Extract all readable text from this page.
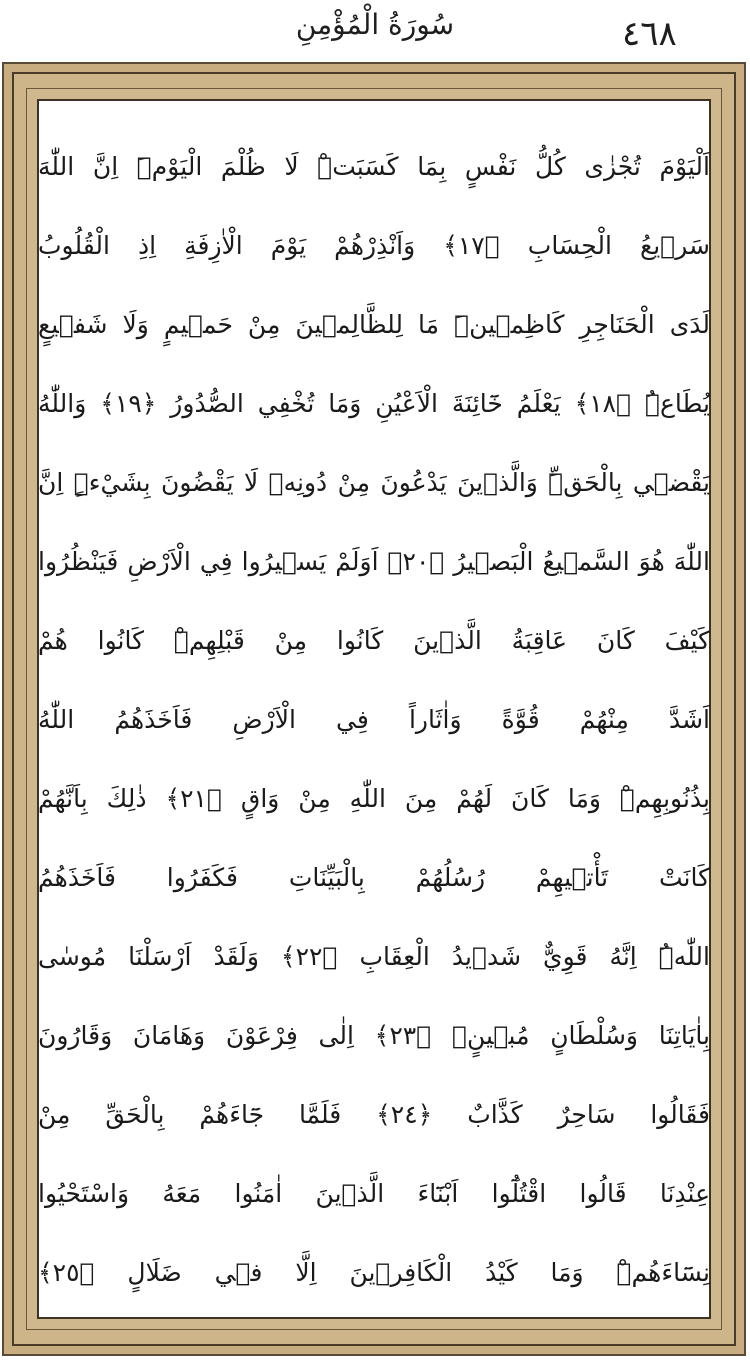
سُورَةُ الْمُؤْمِنِ	٤٦٨
اَلْيَوْمَ تُجْزٰى كُلُّ نَفْسٍ بِمَا كَسَبَتْۜ لَا ظُلْمَ الْيَوْمَۜ اِنَّ اللّٰهَ
سَر۪يعُ الْحِسَابِ ﴿١٧﴾ وَاَنْذِرْهُمْ يَوْمَ الْاٰزِفَةِ اِذِ الْقُلُوبُ
لَدَى الْحَنَاجِرِ كَاظِم۪ينَۜ مَا لِلظَّالِم۪ينَ مِنْ حَم۪يمٍ وَلَا شَف۪يعٍ
يُطَاعُۜ ﴿١٨﴾ يَعْلَمُ خَٓائِنَةَ الْاَعْيُنِ وَمَا تُخْفِي الصُّدُورُ ﴿١٩﴾ وَاللّٰهُ
يَقْض۪ي بِالْحَقِّۜ وَالَّذ۪ينَ يَدْعُونَ مِنْ دُونِه۪ لَا يَقْضُونَ بِشَيْءٍۜ اِنَّ
اللّٰهَ هُوَ السَّم۪يعُ الْبَص۪يرُ ﴿٢٠﴾ اَوَلَمْ يَس۪يرُوا فِي الْاَرْضِ فَيَنْظُرُوا
كَيْفَ كَانَ عَاقِبَةُ الَّذ۪ينَ كَانُوا مِنْ قَبْلِهِمْۜ كَانُوا هُمْ
اَشَدَّ مِنْهُمْ قُوَّةً وَاٰثَاراً فِي الْاَرْضِ فَاَخَذَهُمُ اللّٰهُ
بِذُنُوبِهِمْۜ وَمَا كَانَ لَهُمْ مِنَ اللّٰهِ مِنْ وَاقٍ ﴿٢١﴾ ذٰلِكَ بِاَنَّهُمْ
كَانَتْ تَأْت۪يهِمْ رُسُلُهُمْ بِالْبَيِّنَاتِ فَكَفَرُوا فَاَخَذَهُمُ
اللّٰهُۜ اِنَّهُ قَوِيٌّ شَد۪يدُ الْعِقَابِ ﴿٢٢﴾ وَلَقَدْ اَرْسَلْنَا مُوسٰى
بِاٰيَاتِنَا وَسُلْطَانٍ مُب۪ينٍۙ ﴿٢٣﴾ اِلٰى فِرْعَوْنَ وَهَامَانَ وَقَارُونَ
فَقَالُوا سَاحِرٌ كَذَّابٌ ﴿٢٤﴾ فَلَمَّا جَٓاءَهُمْ بِالْحَقِّ مِنْ
عِنْدِنَا قَالُوا اقْتُلُٓوا اَبْنَٓاءَ الَّذ۪ينَ اٰمَنُوا مَعَهُ وَاسْتَحْيُوا
نِسَٓاءَهُمْۜ وَمَا كَيْدُ الْكَافِر۪ينَ اِلَّا ف۪ي ضَلَالٍ ﴿٢٥﴾
